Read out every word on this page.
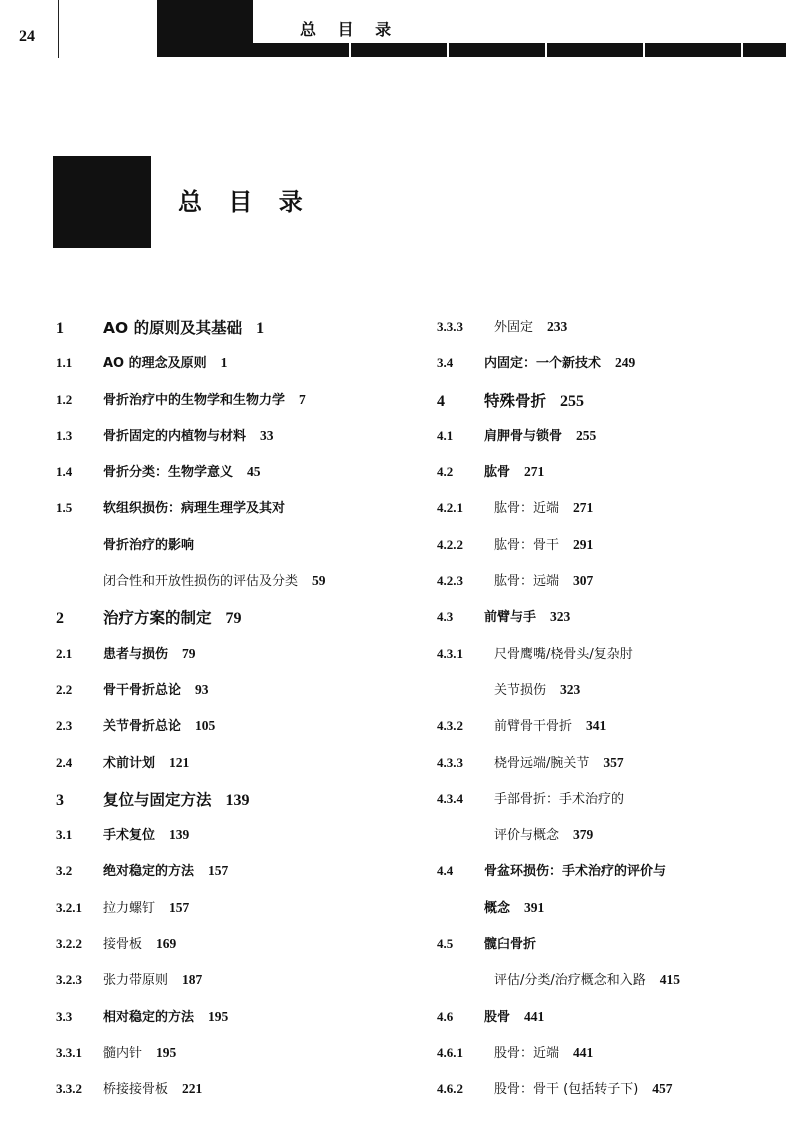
24	总 目 录
总 目 录
1	AO 的原则及其基础 1
1.1	AO 的理念及原则 1
1.2	骨折治疗中的生物学和生物力学 7
1.3	骨折固定的内植物与材料 33
1.4	骨折分类：生物学意义 45
1.5	软组织损伤：病理生理学及其对
骨折治疗的影响
闭合性和开放性损伤的评估及分类 59
2	治疗方案的制定 79
2.1	患者与损伤 79
2.2	骨干骨折总论 93
2.3	关节骨折总论 105
2.4	术前计划 121
3	复位与固定方法 139
3.1	手术复位 139
3.2	绝对稳定的方法 157
3.2.1	拉力螺钉 157
3.2.2	接骨板 169
3.2.3	张力带原则 187
3.3	相对稳定的方法 195
3.3.1	髓内针 195
3.3.2	桥接接骨板 221
3.3.3	外固定 233
3.4	内固定：一个新技术 249
4	特殊骨折 255
4.1	肩胛骨与锁骨 255
4.2	肱骨 271
4.2.1	肱骨：近端 271
4.2.2	肱骨：骨干 291
4.2.3	肱骨：远端 307
4.3	前臂与手 323
4.3.1	尺骨鹰嘴/桡骨头/复杂肘
关节损伤 323
4.3.2	前臂骨干骨折 341
4.3.3	桡骨远端/腕关节 357
4.3.4	手部骨折：手术治疗的
评价与概念 379
4.4	骨盆环损伤：手术治疗的评价与
概念 391
4.5	髋臼骨折
评估/分类/治疗概念和入路 415
4.6	股骨 441
4.6.1	股骨：近端 441
4.6.2	股骨：骨干 (包括转子下) 457
